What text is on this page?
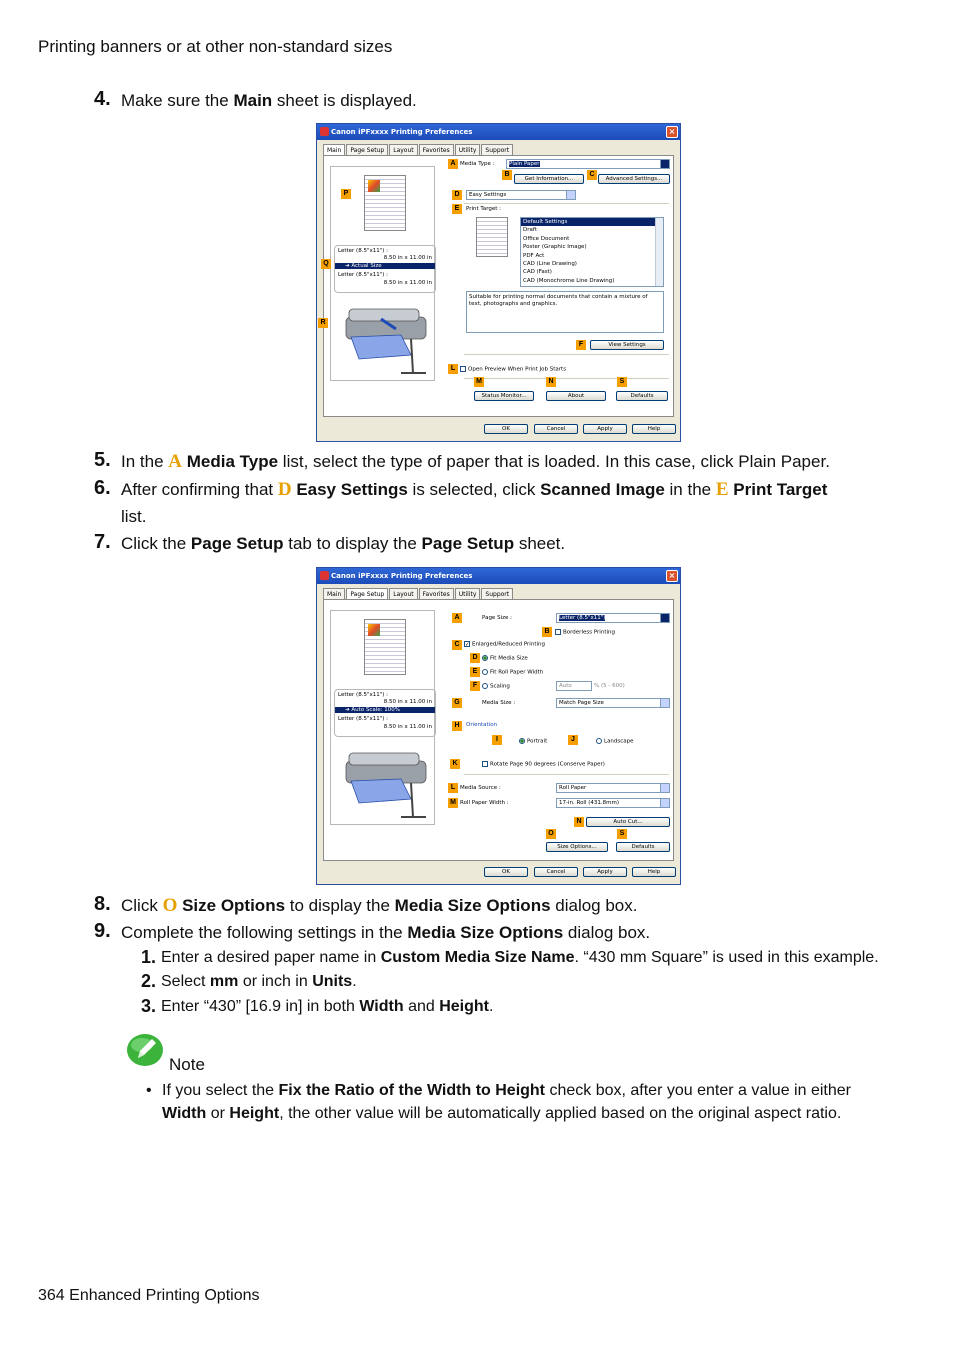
Printing banners or at other non-standard sizes
4. Make sure the Main sheet is displayed.
Canon iPFxxxx Printing Preferences	×
Main Page Setup Layout Favorites Utility Support
Letter (8.5"x11") :
8.50 in x 11.00 in
➜ Actual Size
Letter (8.5"x11") :
8.50 in x 11.00 in
P
Q
R
A Media Type :	Plain Paper
B
Get Information...
C
Advanced Settings...
D	Easy Settings
E	Print Target :
Default Settings
Draft
Office Document
Poster (Graphic Image)
PDF Act
CAD (Line Drawing)
CAD (Fast)
CAD (Monochrome Line Drawing)
Suitable for printing normal documents that contain a mixture of text, photographs and graphics.
F	View Settings
L	Open Preview When Print Job Starts
M
Status Monitor...
N
About
S
Defaults
OK	Cancel	Apply	Help
5. In the A Media Type list, select the type of paper that is loaded. In this case, click Plain Paper.
6. After confirming that D Easy Settings is selected, click Scanned Image in the E Print Target
list.
7. Click the Page Setup tab to display the Page Setup sheet.
Canon iPFxxxx Printing Preferences	×
Main Page Setup Layout Favorites Utility Support
Letter (8.5"x11") :
8.50 in x 11.00 in
➜ Auto Scale: 100%
Letter (8.5"x11") :
8.50 in x 11.00 in
A	Page Size :	Letter (8.5"x11")
B	Borderless Printing
C ✓ Enlarged/Reduced Printing
D	Fit Media Size
E	Fit Roll Paper Width
F	Scaling	Auto	% (5 - 600)
G	Media Size :	Match Page Size
H	Orientation
I	Portrait	J	Landscape
K	Rotate Page 90 degrees (Conserve Paper)
L Media Source :	Roll Paper
M Roll Paper Width :	17-in. Roll (431.8mm)
N	Auto Cut...
O
Size Options...
S
Defaults
OK	Cancel	Apply	Help
8. Click O Size Options to display the Media Size Options dialog box.
9. Complete the following settings in the Media Size Options dialog box.
1. Enter a desired paper name in Custom Media Size Name. “430 mm Square” is used in this example.
2. Select mm or inch in Units.
3. Enter “430” [16.9 in] in both Width and Height.
Note
• If you select the Fix the Ratio of the Width to Height check box, after you enter a value in either
Width or Height, the other value will be automatically applied based on the original aspect ratio.
364 Enhanced Printing Options
